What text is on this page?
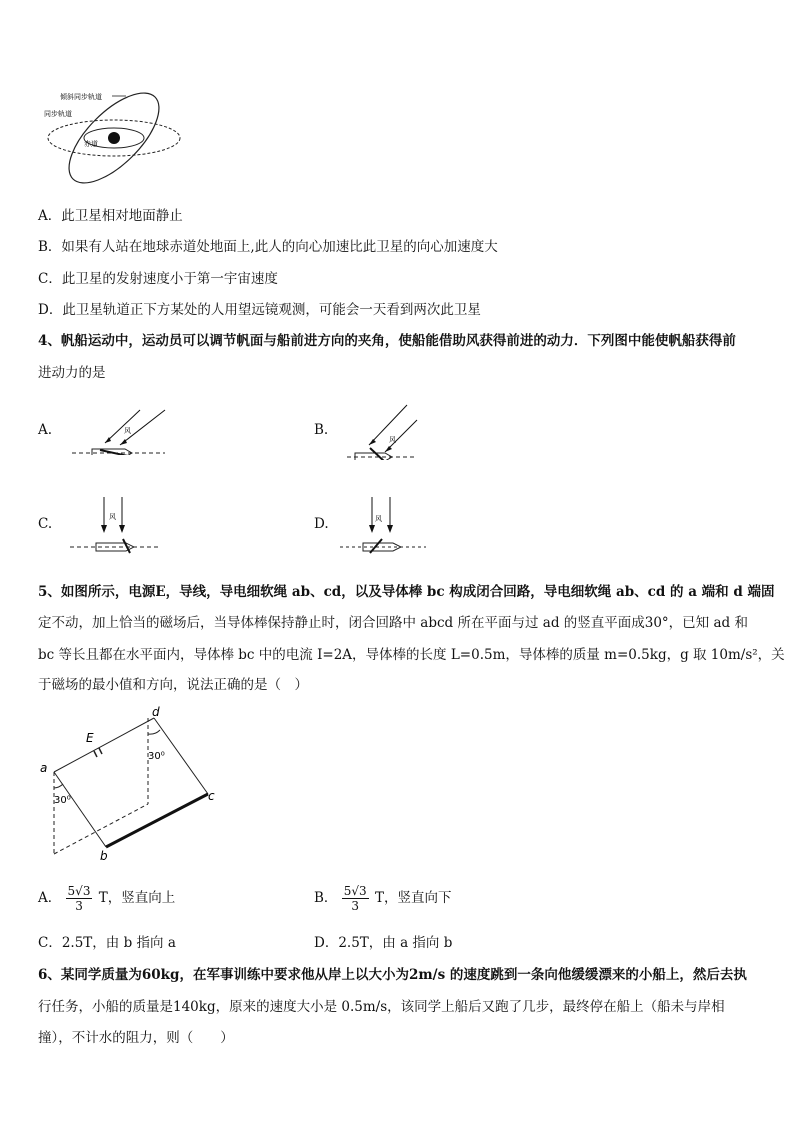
倾斜同步轨道
同步轨道
赤道
A．此卫星相对地面静止
B．如果有人站在地球赤道处地面上,此人的向心加速比此卫星的向心加速度大
C．此卫星的发射速度小于第一宇宙速度
D．此卫星轨道正下方某处的人用望远镜观测，可能会一天看到两次此卫星
4、帆船运动中，运动员可以调节帆面与船前进方向的夹角，使船能借助风获得前进的动力．下列图中能使帆船获得前
进动力的是
A.	风	B.
风
C.	风	D.	风
5、如图所示，电源E，导线，导电细软绳 ab、cd，以及导体棒 bc 构成闭合回路，导电细软绳 ab、cd 的 a 端和 d 端固
定不动，加上恰当的磁场后，当导体棒保持静止时，闭合回路中 abcd 所在平面与过 ad 的竖直平面成30°，已知 ad 和
bc 等长且都在水平面内，导体棒 bc 中的电流 I=2A，导体棒的长度 L=0.5m，导体棒的质量 m=0.5kg，g 取 10m/s²，关
于磁场的最小值和方向，说法正确的是（　）
E
a
b
c
d
30⁰
30⁰
A． $\frac{5√3}{3}$ T，竖直向上	B． $\frac{5√3}{3}$ T，竖直向下
C．2.5T，由 b 指向 a	D．2.5T，由 a 指向 b
6、某同学质量为60kg，在军事训练中要求他从岸上以大小为2m/s 的速度跳到一条向他缓缓漂来的小船上，然后去执
行任务，小船的质量是140kg，原来的速度大小是 0.5m/s，该同学上船后又跑了几步，最终停在船上（船未与岸相
撞），不计水的阻力，则（　　）
